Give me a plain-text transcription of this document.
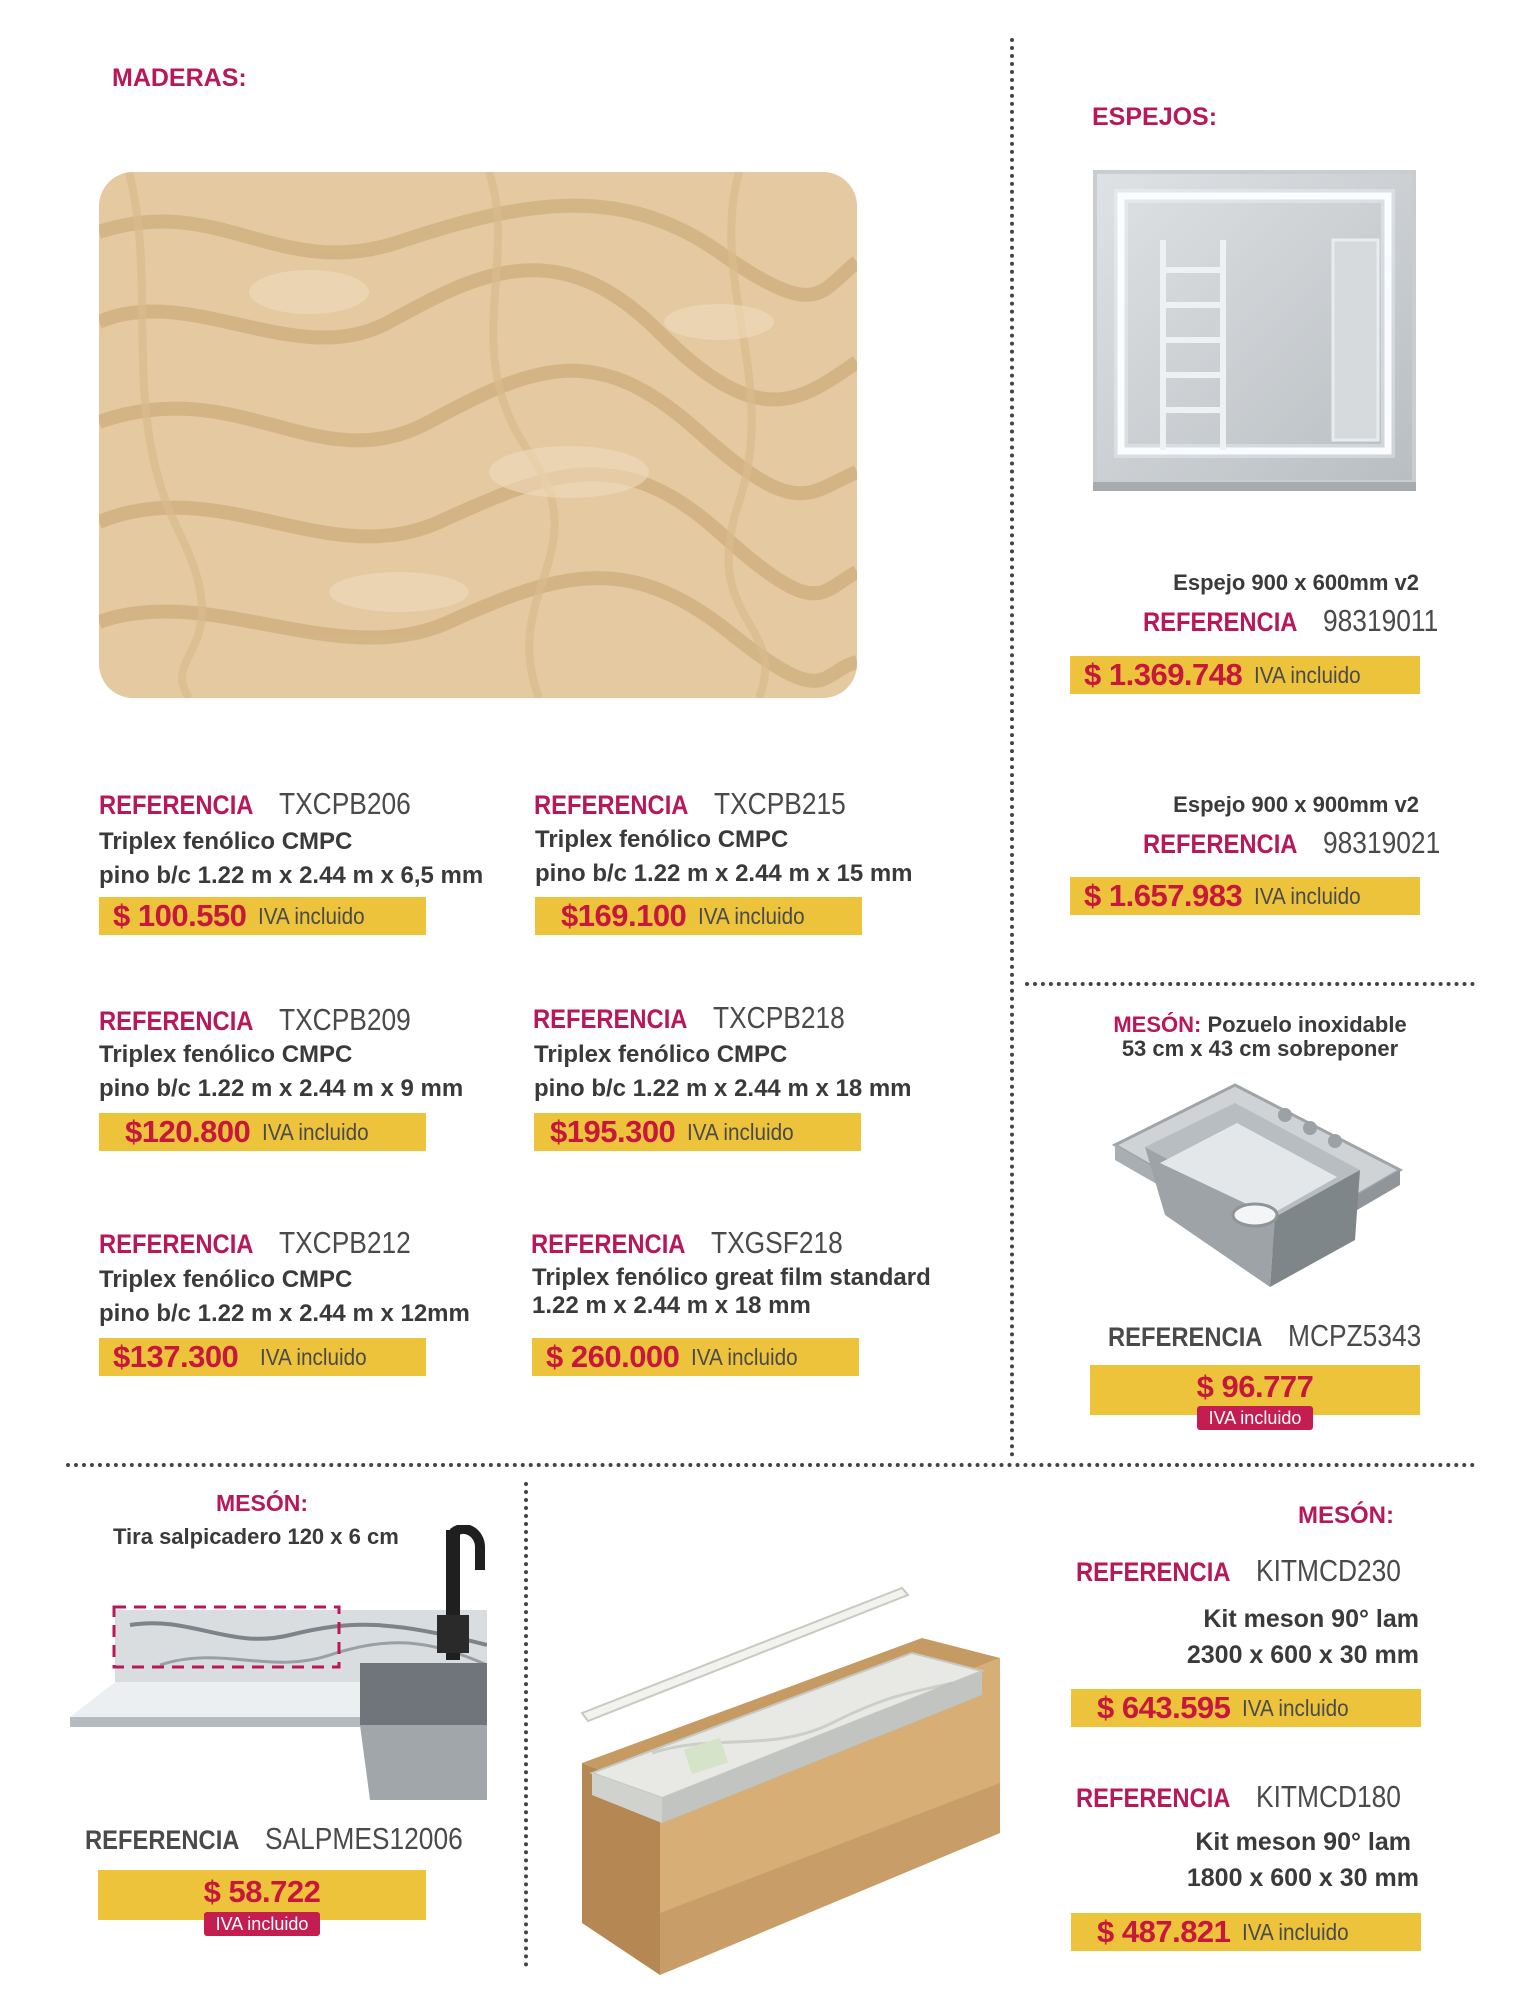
MADERAS:
REFERENCIA TXCPB206
Triplex fenólico CMPC
pino b/c 1.22 m x 2.44 m x 6,5 mm
$ 100.550 IVA incluido
REFERENCIA TXCPB215
Triplex fenólico CMPC
pino b/c 1.22 m x 2.44 m x 15 mm
$169.100 IVA incluido
REFERENCIA TXCPB209
Triplex fenólico CMPC
pino b/c 1.22 m x 2.44 m x 9 mm
$120.800 IVA incluido
REFERENCIA TXCPB218
Triplex fenólico CMPC
pino b/c 1.22 m x 2.44 m x 18 mm
$195.300 IVA incluido
REFERENCIA TXCPB212
Triplex fenólico CMPC
pino b/c 1.22 m x 2.44 m x 12mm
$137.300 IVA incluido
REFERENCIA TXGSF218
Triplex fenólico great film standard
1.22 m x 2.44 m x 18 mm
$ 260.000 IVA incluido
ESPEJOS:
Espejo 900 x 600mm v2
REFERENCIA 98319011
$ 1.369.748 IVA incluido
Espejo 900 x 900mm v2
REFERENCIA 98319021
$ 1.657.983 IVA incluido
MESÓN: Pozuelo inoxidable
53 cm x 43 cm sobreponer
REFERENCIA MCPZ5343
$ 96.777
IVA incluido
MESÓN:
Tira salpicadero 120 x 6 cm
REFERENCIA SALPMES12006
$ 58.722
IVA incluido
MESÓN:
REFERENCIA KITMCD230
Kit meson 90° lam
2300 x 600 x 30 mm
$ 643.595 IVA incluido
REFERENCIA KITMCD180
Kit meson 90° lam
1800 x 600 x 30 mm
$ 487.821 IVA incluido
